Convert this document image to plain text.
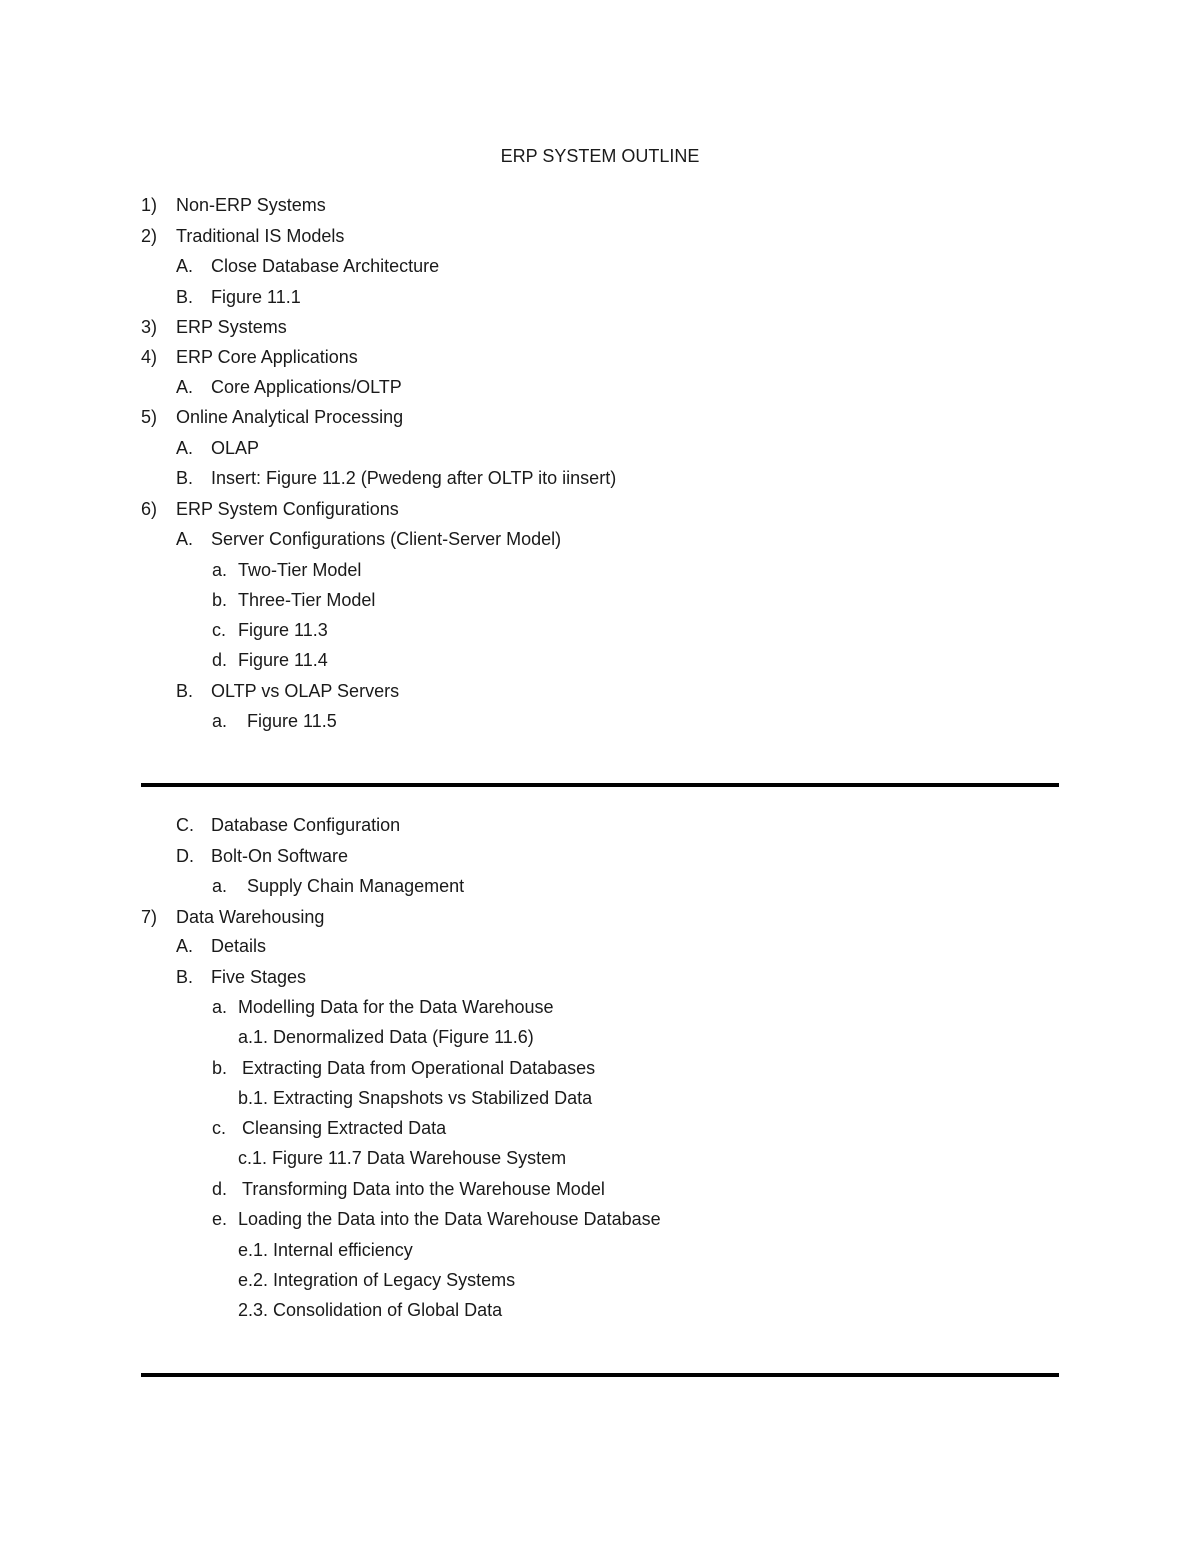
ERP SYSTEM OUTLINE
1) Non-ERP Systems
2) Traditional IS Models
A. Close Database Architecture
B. Figure 11.1
3) ERP Systems
4) ERP Core Applications
A. Core Applications/OLTP
5) Online Analytical Processing
A. OLAP
B. Insert: Figure 11.2 (Pwedeng after OLTP ito iinsert)
6) ERP System Configurations
A. Server Configurations (Client-Server Model)
a. Two-Tier Model
b. Three-Tier Model
c. Figure 11.3
d. Figure 11.4
B. OLTP vs OLAP Servers
a. Figure 11.5
C. Database Configuration
D. Bolt-On Software
a. Supply Chain Management
7) Data Warehousing
A. Details
B. Five Stages
a. Modelling Data for the Data Warehouse
a.1. Denormalized Data (Figure 11.6)
b. Extracting Data from Operational Databases
b.1. Extracting Snapshots vs Stabilized Data
c. Cleansing Extracted Data
c.1. Figure 11.7 Data Warehouse System
d. Transforming Data into the Warehouse Model
e. Loading the Data into the Data Warehouse Database
e.1. Internal efficiency
e.2. Integration of Legacy Systems
2.3. Consolidation of Global Data
